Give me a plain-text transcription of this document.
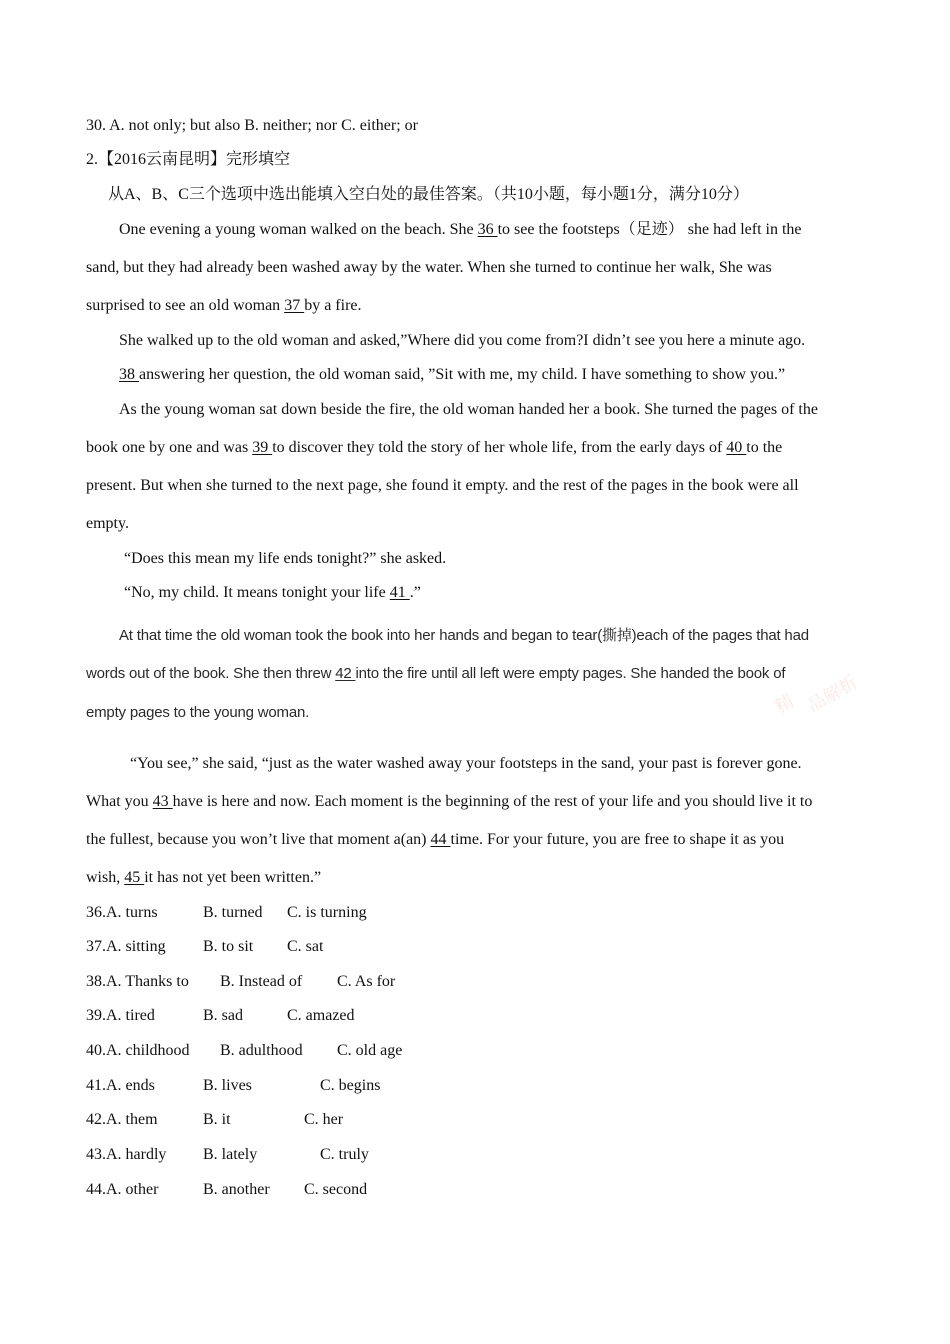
30. A. not only; but also B. neither; nor C. either; or
2.【2016云南昆明】完形填空
从A、B、C三个选项中选出能填入空白处的最佳答案。（共10小题，每小题1分，满分10分）
One evening a young woman walked on the beach. She 36 to see the footsteps（足迹） she had left in the
sand, but they had already been washed away by the water. When she turned to continue her walk, She was
surprised to see an old woman 37 by a fire.
She walked up to the old woman and asked,”Where did you come from?I didn’t see you here a minute ago.
38 answering her question, the old woman said, ”Sit with me, my child. I have something to show you.”
As the young woman sat down beside the fire, the old woman handed her a book. She turned the pages of the
book one by one and was 39 to discover they told the story of her whole life, from the early days of 40 to the
present. But when she turned to the next page, she found it empty. and the rest of the pages in the book were all
empty.
“Does this mean my life ends tonight?” she asked.
“No, my child. It means tonight your life 41 .”
At that time the old woman took the book into her hands and began to tear(撕掉)each of the pages that had
words out of the book. She then threw 42 into the fire until all left were empty pages. She handed the book of
empty pages to the young woman.	精 品解析
“You see,” she said, “just as the water washed away your footsteps in the sand, your past is forever gone.
What you 43 have is here and now. Each moment is the beginning of the rest of your life and you should live it to
the fullest, because you won’t live that moment a(an) 44 time. For your future, you are free to shape it as you
wish, 45 it has not yet been written.”
36.A. turns	B. turned C. is turning
37.A. sitting B. to sit C. sat
38.A. Thanks to B. Instead of C. As for
39.A. tired	B. sad	C. amazed
40.A. childhood B. adulthood C. old age
41.A. ends	B. lives	C. begins
42.A. them	B. it	C. her
43.A. hardly B. lately	C. truly
44.A. other	B. another C. second
